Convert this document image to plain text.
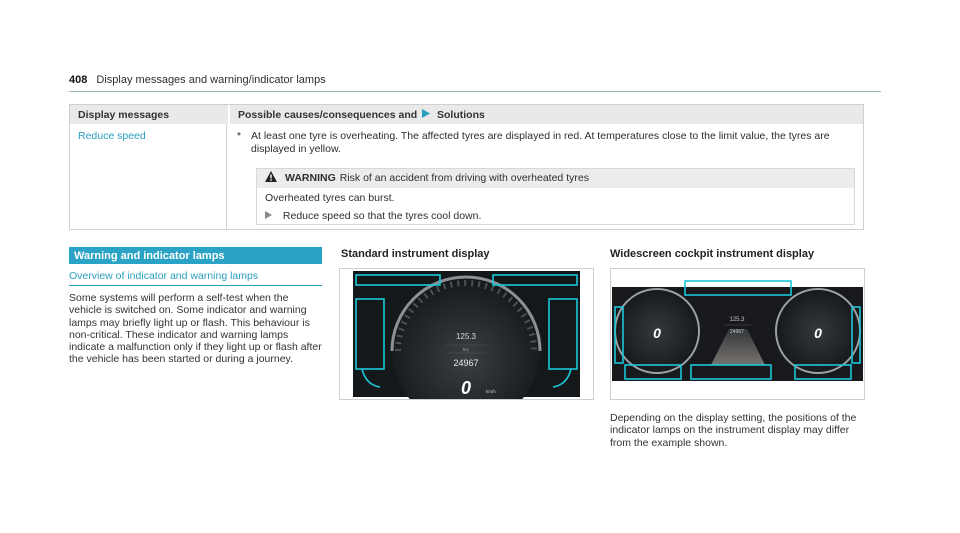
408 Display messages and warning/indicator lamps
Display messages	Possible causes/consequences and Solutions
Reduce speed	* At least one tyre is overheating. The affected tyres are displayed in red. At temperatures close to the limit value, the tyres are displayed in yellow.
WARNING Risk of an accident from driving with overheated tyres
Overheated tyres can burst.
Reduce speed so that the tyres cool down.
Warning and indicator lamps
Overview of indicator and warning lamps
Some systems will perform a self-test when the vehicle is switched on. Some indicator and warning lamps may briefly light up or flash. This behaviour is non-critical. These indicator and warning lamps indicate a malfunction only if they light up or flash after the vehicle has been started or during a journey.
Standard instrument display
125.3
km
24967
0	km/h
Widescreen cockpit instrument display
0	0
125.3
24967
Depending on the display setting, the positions of the indicator lamps on the instrument display may differ from the example shown.
